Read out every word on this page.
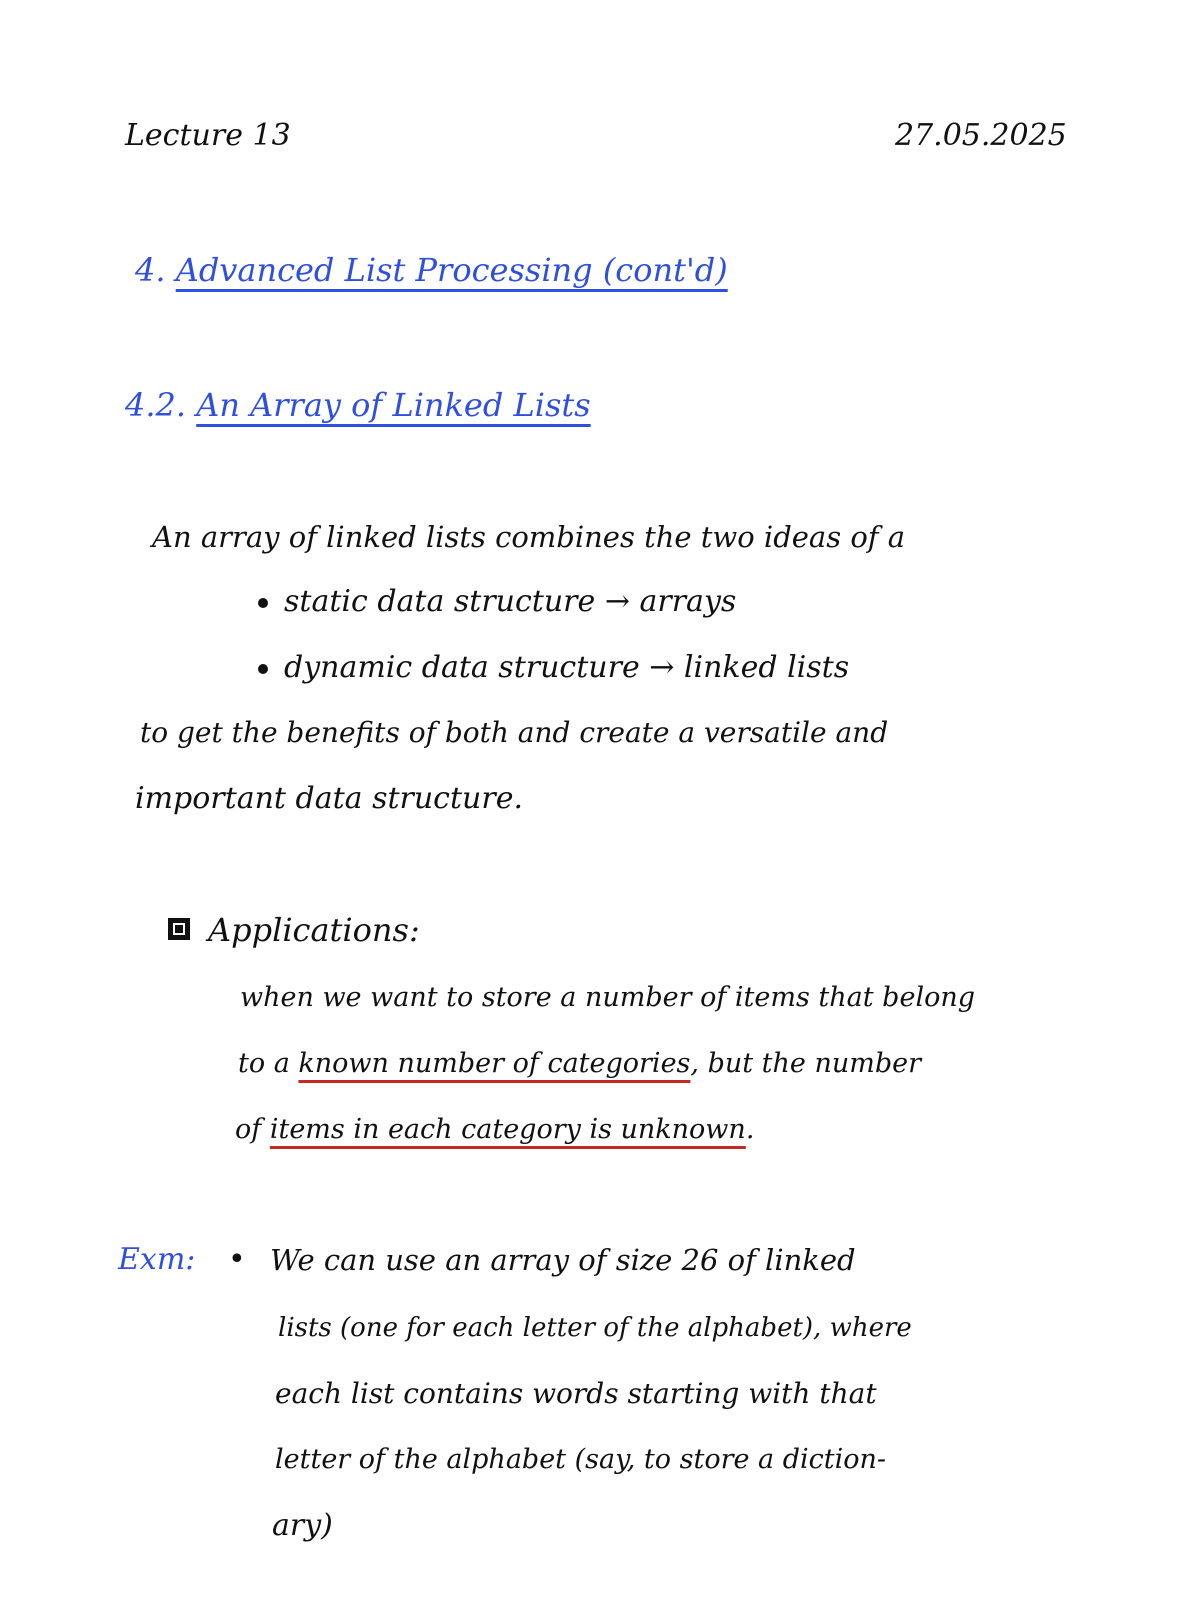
Lecture 13	27.05.2025
4. Advanced List Processing (cont'd)
4.2. An Array of Linked Lists
An array of linked lists combines the two ideas of a
static data structure → arrays
dynamic data structure → linked lists
to get the benefits of both and create a versatile and
important data structure.
Applications:
when we want to store a number of items that belong
to a known number of categories, but the number
of items in each category is unknown.
Exm: • We can use an array of size 26 of linked
lists (one for each letter of the alphabet), where
each list contains words starting with that
letter of the alphabet (say, to store a diction-
ary)
